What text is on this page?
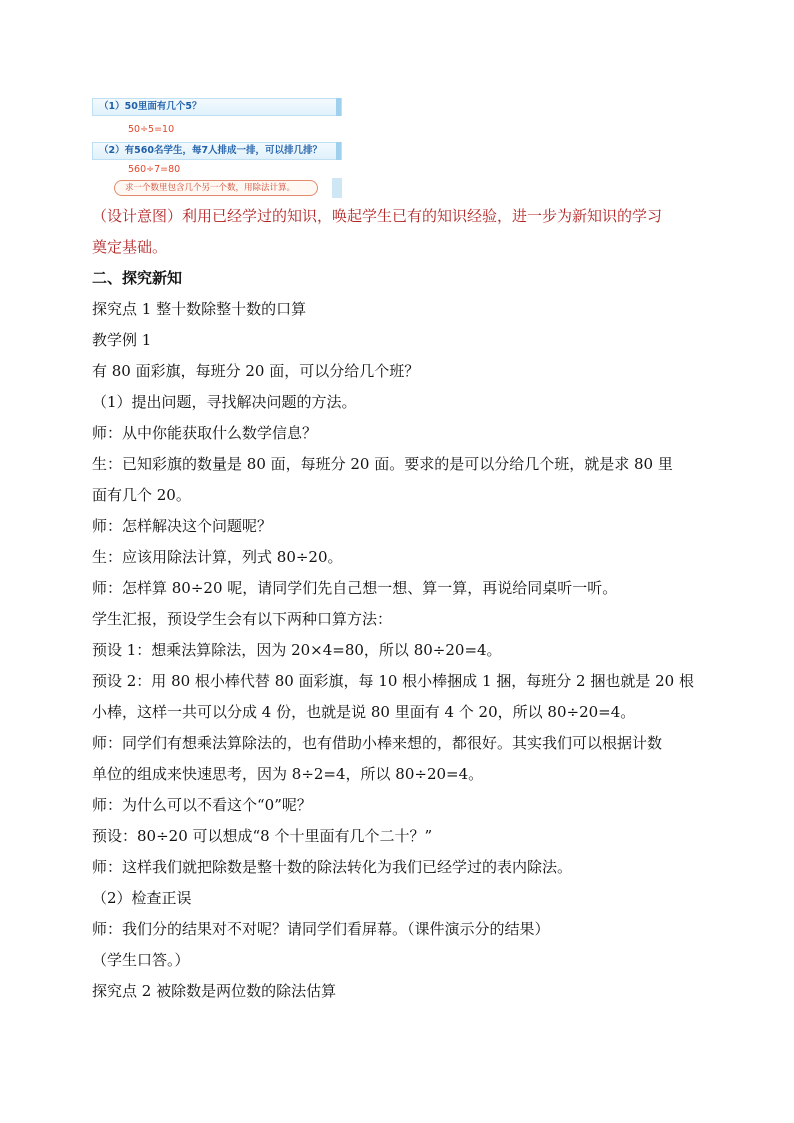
（1）50里面有几个5？
50÷5=10
（2）有560名学生，每7人排成一排，可以排几排？
560÷7=80
求一个数里包含几个另一个数，用除法计算。
（设计意图）利用已经学过的知识，唤起学生已有的知识经验，进一步为新知识的学习
奠定基础。
二、探究新知
探究点 1 整十数除整十数的口算
教学例 1
有 80 面彩旗，每班分 20 面，可以分给几个班？
（1）提出问题，寻找解决问题的方法。
师：从中你能获取什么数学信息？
生：已知彩旗的数量是 80 面，每班分 20 面。要求的是可以分给几个班，就是求 80 里
面有几个 20。
师：怎样解决这个问题呢？
生：应该用除法计算，列式 80÷20。
师：怎样算 80÷20 呢，请同学们先自己想一想、算一算，再说给同桌听一听。
学生汇报，预设学生会有以下两种口算方法：
预设 1：想乘法算除法，因为 20×4=80，所以 80÷20=4。
预设 2：用 80 根小棒代替 80 面彩旗，每 10 根小棒捆成 1 捆，每班分 2 捆也就是 20 根
小棒，这样一共可以分成 4 份，也就是说 80 里面有 4 个 20，所以 80÷20=4。
师：同学们有想乘法算除法的，也有借助小棒来想的，都很好。其实我们可以根据计数
单位的组成来快速思考，因为 8÷2=4，所以 80÷20=4。
师：为什么可以不看这个“0”呢？
预设：80÷20 可以想成“8 个十里面有几个二十？”
师：这样我们就把除数是整十数的除法转化为我们已经学过的表内除法。
（2）检查正误
师：我们分的结果对不对呢？请同学们看屏幕。（课件演示分的结果）
（学生口答。）
探究点 2 被除数是两位数的除法估算
